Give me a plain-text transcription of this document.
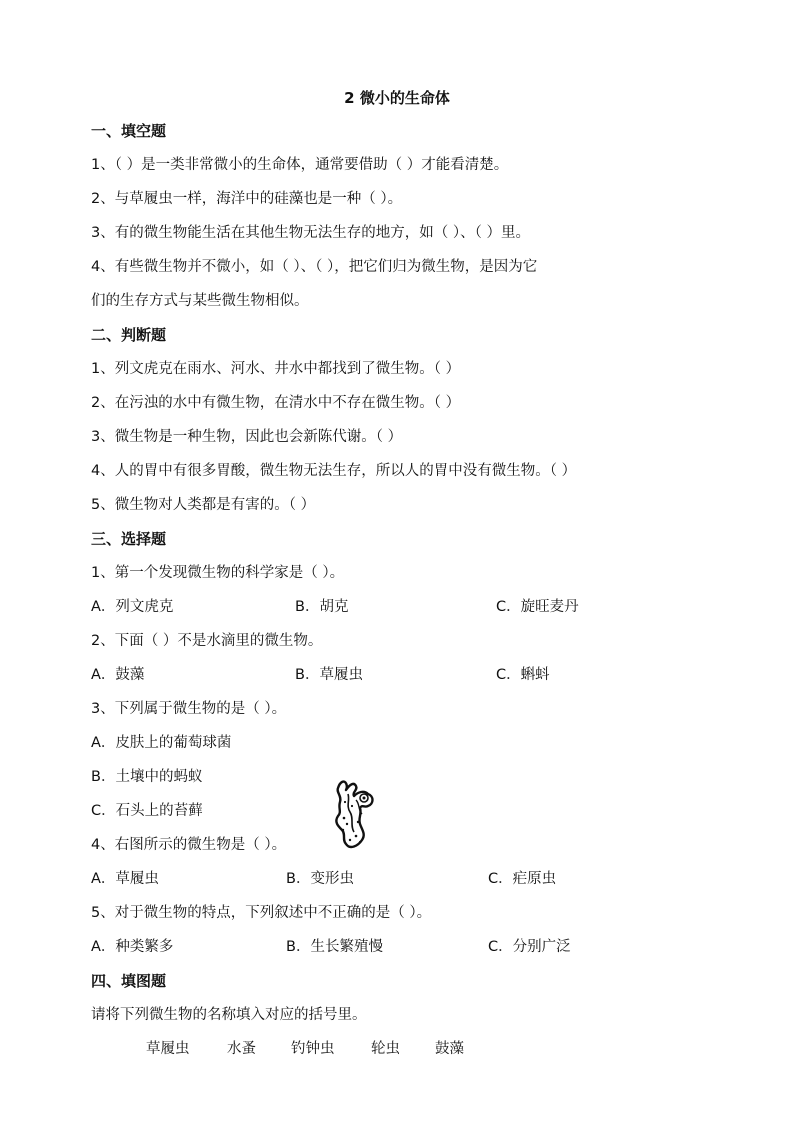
2 微小的生命体
一、填空题
1、（ ）是一类非常微小的生命体，通常要借助（ ）才能看清楚。
2、与草履虫一样，海洋中的硅藻也是一种（ ）。
3、有的微生物能生活在其他生物无法生存的地方，如（ ）、（ ）里。
4、有些微生物并不微小，如（ ）、（ ），把它们归为微生物，是因为它
们的生存方式与某些微生物相似。
二、判断题
1、列文虎克在雨水、河水、井水中都找到了微生物。（ ）
2、在污浊的水中有微生物，在清水中不存在微生物。（ ）
3、微生物是一种生物，因此也会新陈代谢。（ ）
4、人的胃中有很多胃酸，微生物无法生存，所以人的胃中没有微生物。（ ）
5、微生物对人类都是有害的。（ ）
三、选择题
1、第一个发现微生物的科学家是（ ）。
A．列文虎克	B．胡克	C．旋旺麦丹
2、下面（ ）不是水滴里的微生物。
A．鼓藻	B．草履虫	C．蝌蚪
3、下列属于微生物的是（ ）。
A．皮肤上的葡萄球菌
B．土壤中的蚂蚁
C．石头上的苔藓
4、右图所示的微生物是（ ）。
A．草履虫	B．变形虫	C．疟原虫
5、对于微生物的特点，下列叙述中不正确的是（ ）。
A．种类繁多	B．生长繁殖慢	C．分别广泛
四、填图题
请将下列微生物的名称填入对应的括号里。
草履虫	水蚤 钓钟虫	轮虫 鼓藻
